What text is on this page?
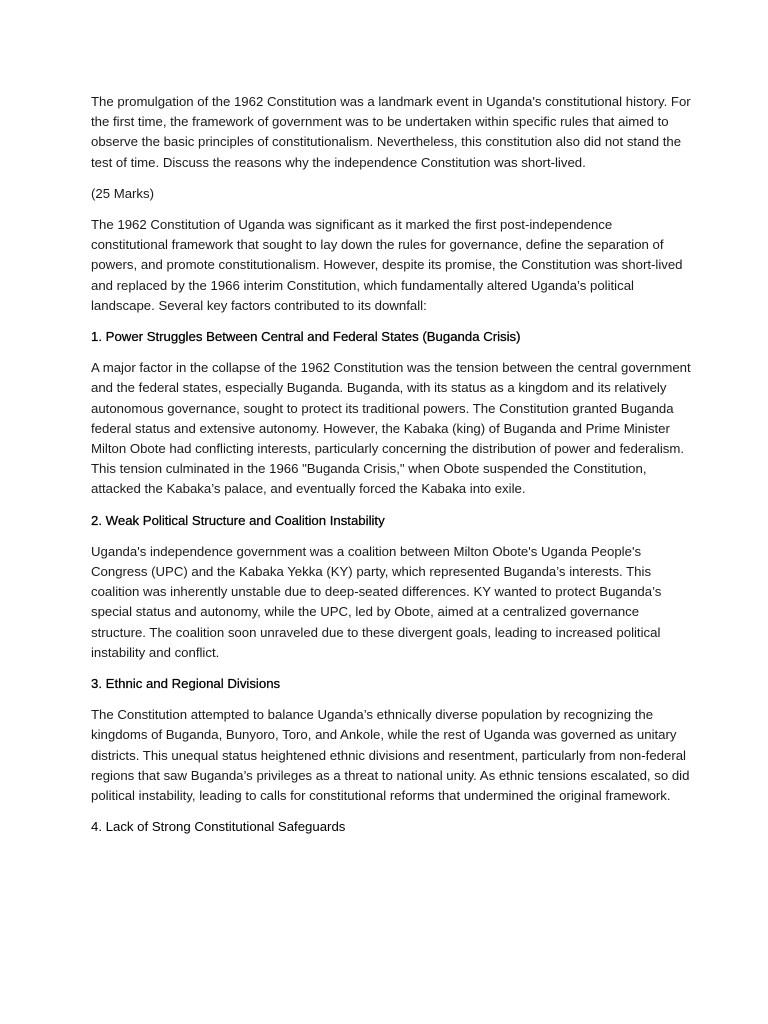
The promulgation of the 1962 Constitution was a landmark event in Uganda's constitutional history. For the first time, the framework of government was to be undertaken within specific rules that aimed to observe the basic principles of constitutionalism. Nevertheless, this constitution also did not stand the test of time. Discuss the reasons why the independence Constitution was short-lived.

(25 Marks)

The 1962 Constitution of Uganda was significant as it marked the first post-independence constitutional framework that sought to lay down the rules for governance, define the separation of powers, and promote constitutionalism. However, despite its promise, the Constitution was short-lived and replaced by the 1966 interim Constitution, which fundamentally altered Uganda’s political landscape. Several key factors contributed to its downfall:

1. Power Struggles Between Central and Federal States (Buganda Crisis)

A major factor in the collapse of the 1962 Constitution was the tension between the central government and the federal states, especially Buganda. Buganda, with its status as a kingdom and its relatively autonomous governance, sought to protect its traditional powers. The Constitution granted Buganda federal status and extensive autonomy. However, the Kabaka (king) of Buganda and Prime Minister Milton Obote had conflicting interests, particularly concerning the distribution of power and federalism. This tension culminated in the 1966 "Buganda Crisis," when Obote suspended the Constitution, attacked the Kabaka’s palace, and eventually forced the Kabaka into exile.

2. Weak Political Structure and Coalition Instability

Uganda's independence government was a coalition between Milton Obote's Uganda People's Congress (UPC) and the Kabaka Yekka (KY) party, which represented Buganda’s interests. This coalition was inherently unstable due to deep-seated differences. KY wanted to protect Buganda’s special status and autonomy, while the UPC, led by Obote, aimed at a centralized governance structure. The coalition soon unraveled due to these divergent goals, leading to increased political instability and conflict.

3. Ethnic and Regional Divisions

The Constitution attempted to balance Uganda’s ethnically diverse population by recognizing the kingdoms of Buganda, Bunyoro, Toro, and Ankole, while the rest of Uganda was governed as unitary districts. This unequal status heightened ethnic divisions and resentment, particularly from non-federal regions that saw Buganda’s privileges as a threat to national unity. As ethnic tensions escalated, so did political instability, leading to calls for constitutional reforms that undermined the original framework.

4. Lack of Strong Constitutional Safeguards
